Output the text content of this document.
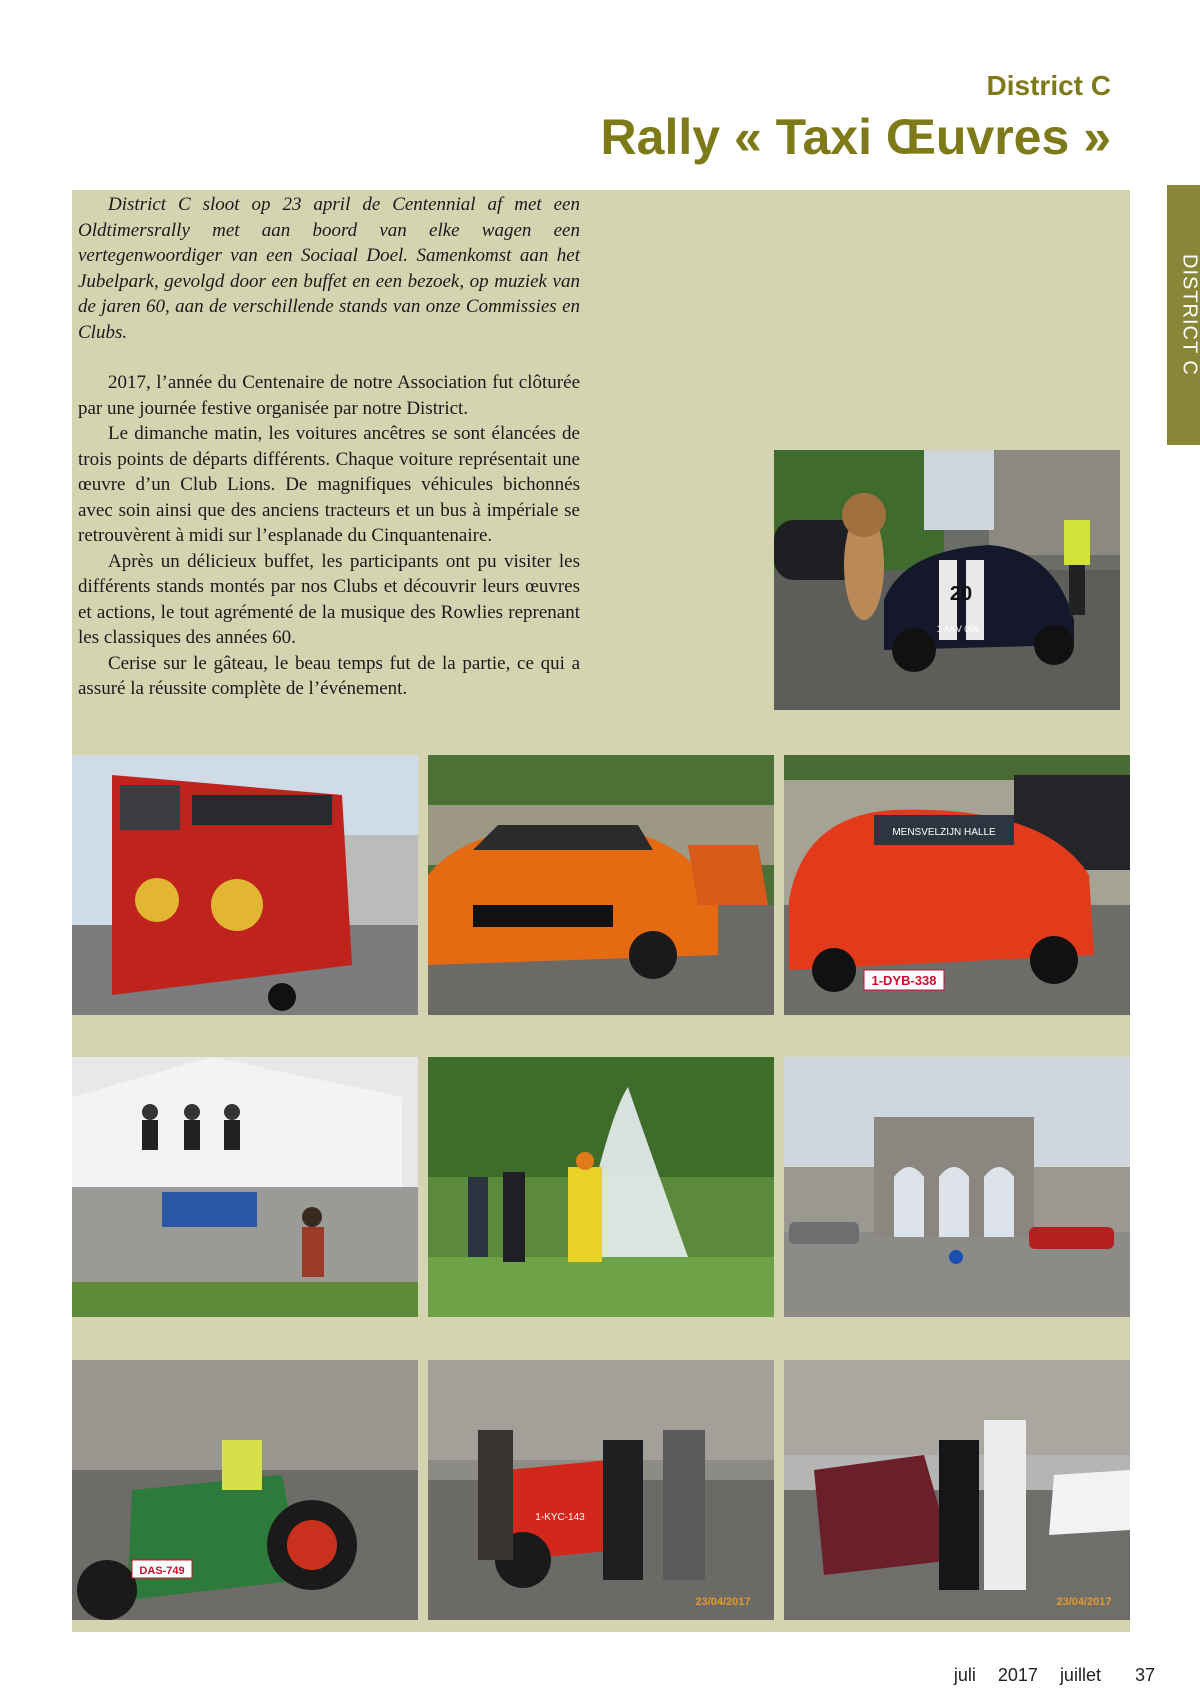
District C
Rally « Taxi Œuvres »
DISTRICT C

District C sloot op 23 april de Centennial af met een Oldtimersrally met aan boord van elke wagen een vertegenwoordiger van een Sociaal Doel. Samenkomst aan het Jubelpark, gevolgd door een buffet en een bezoek, op muziek van de jaren 60, aan de verschillende stands van onze Commissies en Clubs.

2017, l’année du Centenaire de notre Association fut clôturée par une journée festive organisée par notre District.

Le dimanche matin, les voitures ancêtres se sont élancées de trois points de départs différents. Chaque voiture représentait une œuvre d’un Club Lions. De magnifiques véhicules bichonnés avec soin ainsi que des anciens tracteurs et un bus à impériale se retrouvèrent à midi sur l’esplanade du Cinquantenaire.

Après un délicieux buffet, les participants ont pu visiter les différents stands montés par nos Clubs et découvrir leurs œuvres et actions, le tout agrémenté de la musique des Rowlies reprenant les classiques des années 60.

Cerise sur le gâteau, le beau temps fut de la partie, ce qui a assuré la réussite complète de l’événement.

1 AKV 086
20
MENSVELZIJN HALLE
1-DYB-338
DAS-749
1-KYC-143
23/04/2017	23/04/2017
juli 2017 juillet 37
